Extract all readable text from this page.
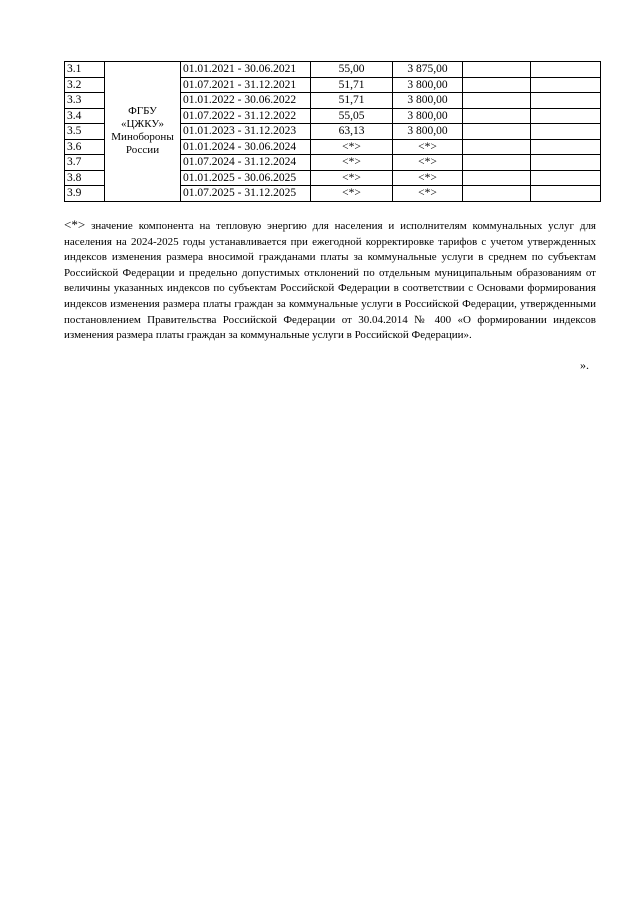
3.1	ФГБУ
«ЦЖКУ»
Минобороны
России	01.01.2021 - 30.06.2021	55,00	3 875,00		
3.2		01.07.2021 - 31.12.2021	51,71	3 800,00		
3.3		01.01.2022 - 30.06.2022	51,71	3 800,00		
3.4		01.07.2022 - 31.12.2022	55,05	3 800,00		
3.5		01.01.2023 - 31.12.2023	63,13	3 800,00		
3.6		01.01.2024 - 30.06.2024	<*>	<*>		
3.7		01.07.2024 - 31.12.2024	<*>	<*>		
3.8		01.01.2025 - 30.06.2025	<*>	<*>		
3.9		01.07.2025 - 31.12.2025	<*>	<*>		
<*> значение компонента на тепловую энергию для населения и исполнителям коммунальных услуг для населения на 2024-2025 годы устанавливается при ежегодной корректировке тарифов с учетом утвержденных индексов изменения размера вносимой гражданами платы за коммунальные услуги в среднем по субъектам Российской Федерации и предельно допустимых отклонений по отдельным муниципальным образованиям от величины указанных индексов по субъектам Российской Федерации в соответствии с Основами формирования индексов изменения размера платы граждан за коммунальные услуги в Российской Федерации, утвержденными постановлением Правительства Российской Федерации от 30.04.2014 № 400 «О формировании индексов изменения размера платы граждан за коммунальные услуги в Российской Федерации».
».
